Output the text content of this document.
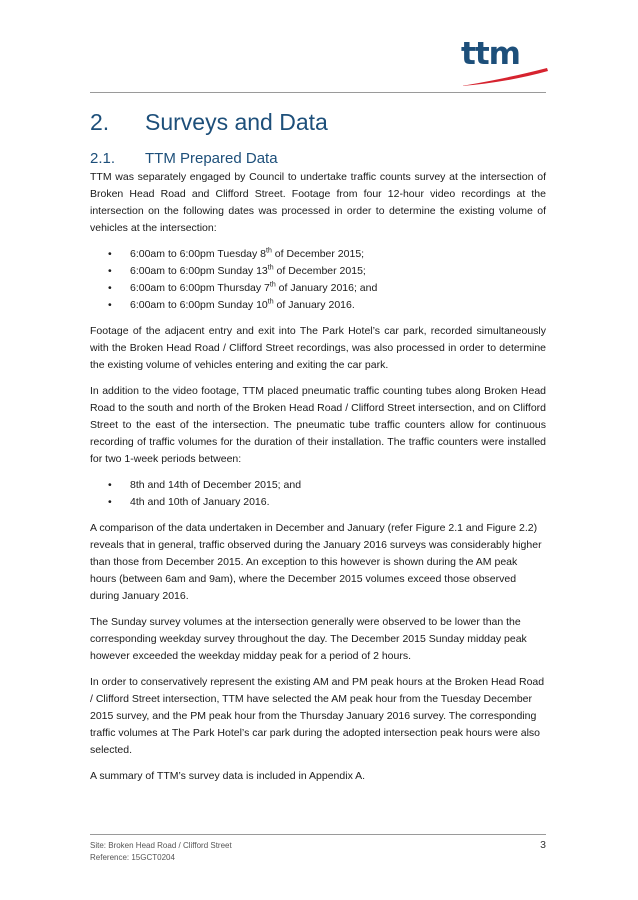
ttm
2. Surveys and Data
2.1. TTM Prepared Data

TTM was separately engaged by Council to undertake traffic counts survey at the intersection of Broken Head Road and Clifford Street. Footage from four 12-hour video recordings at the intersection on the following dates was processed in order to determine the existing volume of vehicles at the intersection:

• 6:00am to 6:00pm Tuesday 8th of December 2015;
• 6:00am to 6:00pm Sunday 13th of December 2015;
• 6:00am to 6:00pm Thursday 7th of January 2016; and
• 6:00am to 6:00pm Sunday 10th of January 2016.

Footage of the adjacent entry and exit into The Park Hotel’s car park, recorded simultaneously with the Broken Head Road / Clifford Street recordings, was also processed in order to determine the existing volume of vehicles entering and exiting the car park.

In addition to the video footage, TTM placed pneumatic traffic counting tubes along Broken Head Road to the south and north of the Broken Head Road / Clifford Street intersection, and on Clifford Street to the east of the intersection. The pneumatic tube traffic counters allow for continuous recording of traffic volumes for the duration of their installation. The traffic counters were installed for two 1-week periods between:

• 8th and 14th of December 2015; and
• 4th and 10th of January 2016.

A comparison of the data undertaken in December and January (refer Figure 2.1 and Figure 2.2) reveals that in general, traffic observed during the January 2016 surveys was considerably higher than those from December 2015. An exception to this however is shown during the AM peak hours (between 6am and 9am), where the December 2015 volumes exceed those observed during January 2016.

The Sunday survey volumes at the intersection generally were observed to be lower than the corresponding weekday survey throughout the day. The December 2015 Sunday midday peak however exceeded the weekday midday peak for a period of 2 hours.

In order to conservatively represent the existing AM and PM peak hours at the Broken Head Road / Clifford Street intersection, TTM have selected the AM peak hour from the Tuesday December 2015 survey, and the PM peak hour from the Thursday January 2016 survey. The corresponding traffic volumes at The Park Hotel’s car park during the adopted intersection peak hours were also selected.

A summary of TTM’s survey data is included in Appendix A.

Site: Broken Head Road / Clifford Street
Reference: 15GCT0204
3
